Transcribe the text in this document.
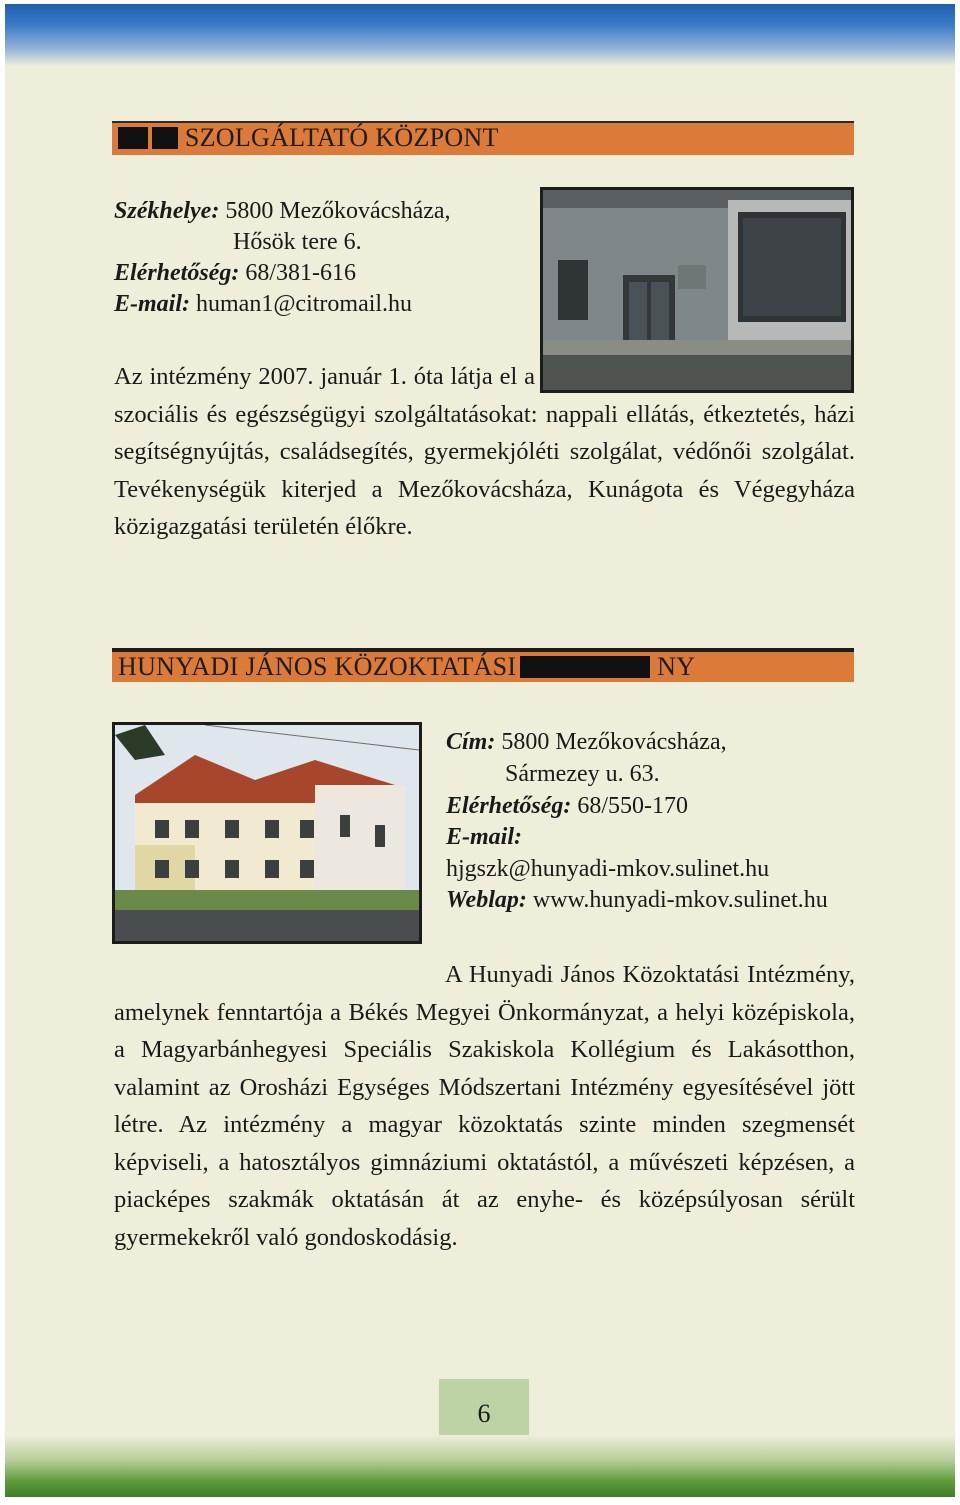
SZOLGÁLTATÓ KÖZPONT
Székhelye: 5800 Mezőkovácsháza,
Hősök tere 6.
Elérhetőség: 68/381-616
E-mail: human1@citromail.hu

Az intézmény 2007. január 1. óta látja el a szociális és egészségügyi szolgáltatásokat: nappali ellátás, étkeztetés, házi segítségnyújtás, családsegítés, gyermekjóléti szolgálat, védőnői szolgálat. Tevékenységük kiterjed a Mezőkovácsháza, Kunágota és Végegyháza közigazgatási területén élőkre.
HUNYADI JÁNOS KÖZOKTATÁSI	NY
Cím: 5800 Mezőkovácsháza,
Sármezey u. 63.
Elérhetőség: 68/550-170
E-mail:
hjgszk@hunyadi-mkov.sulinet.hu
Weblap: www.hunyadi-mkov.sulinet.hu
A Hunyadi János Közoktatási Intézmény, amelynek fenntartója a Békés Megyei Önkormányzat, a helyi középiskola, a Magyarbánhegyesi Speciális Szakiskola Kollégium és Lakásotthon, valamint az Orosházi Egységes Módszertani Intézmény egyesítésével jött létre. Az intézmény a magyar közoktatás szinte minden szegmensét képviseli, a hatosztályos gimnáziumi oktatástól, a művészeti képzésen, a piacképes szakmák oktatásán át az enyhe- és középsúlyosan sérült gyermekekről való gondoskodásig.
6
